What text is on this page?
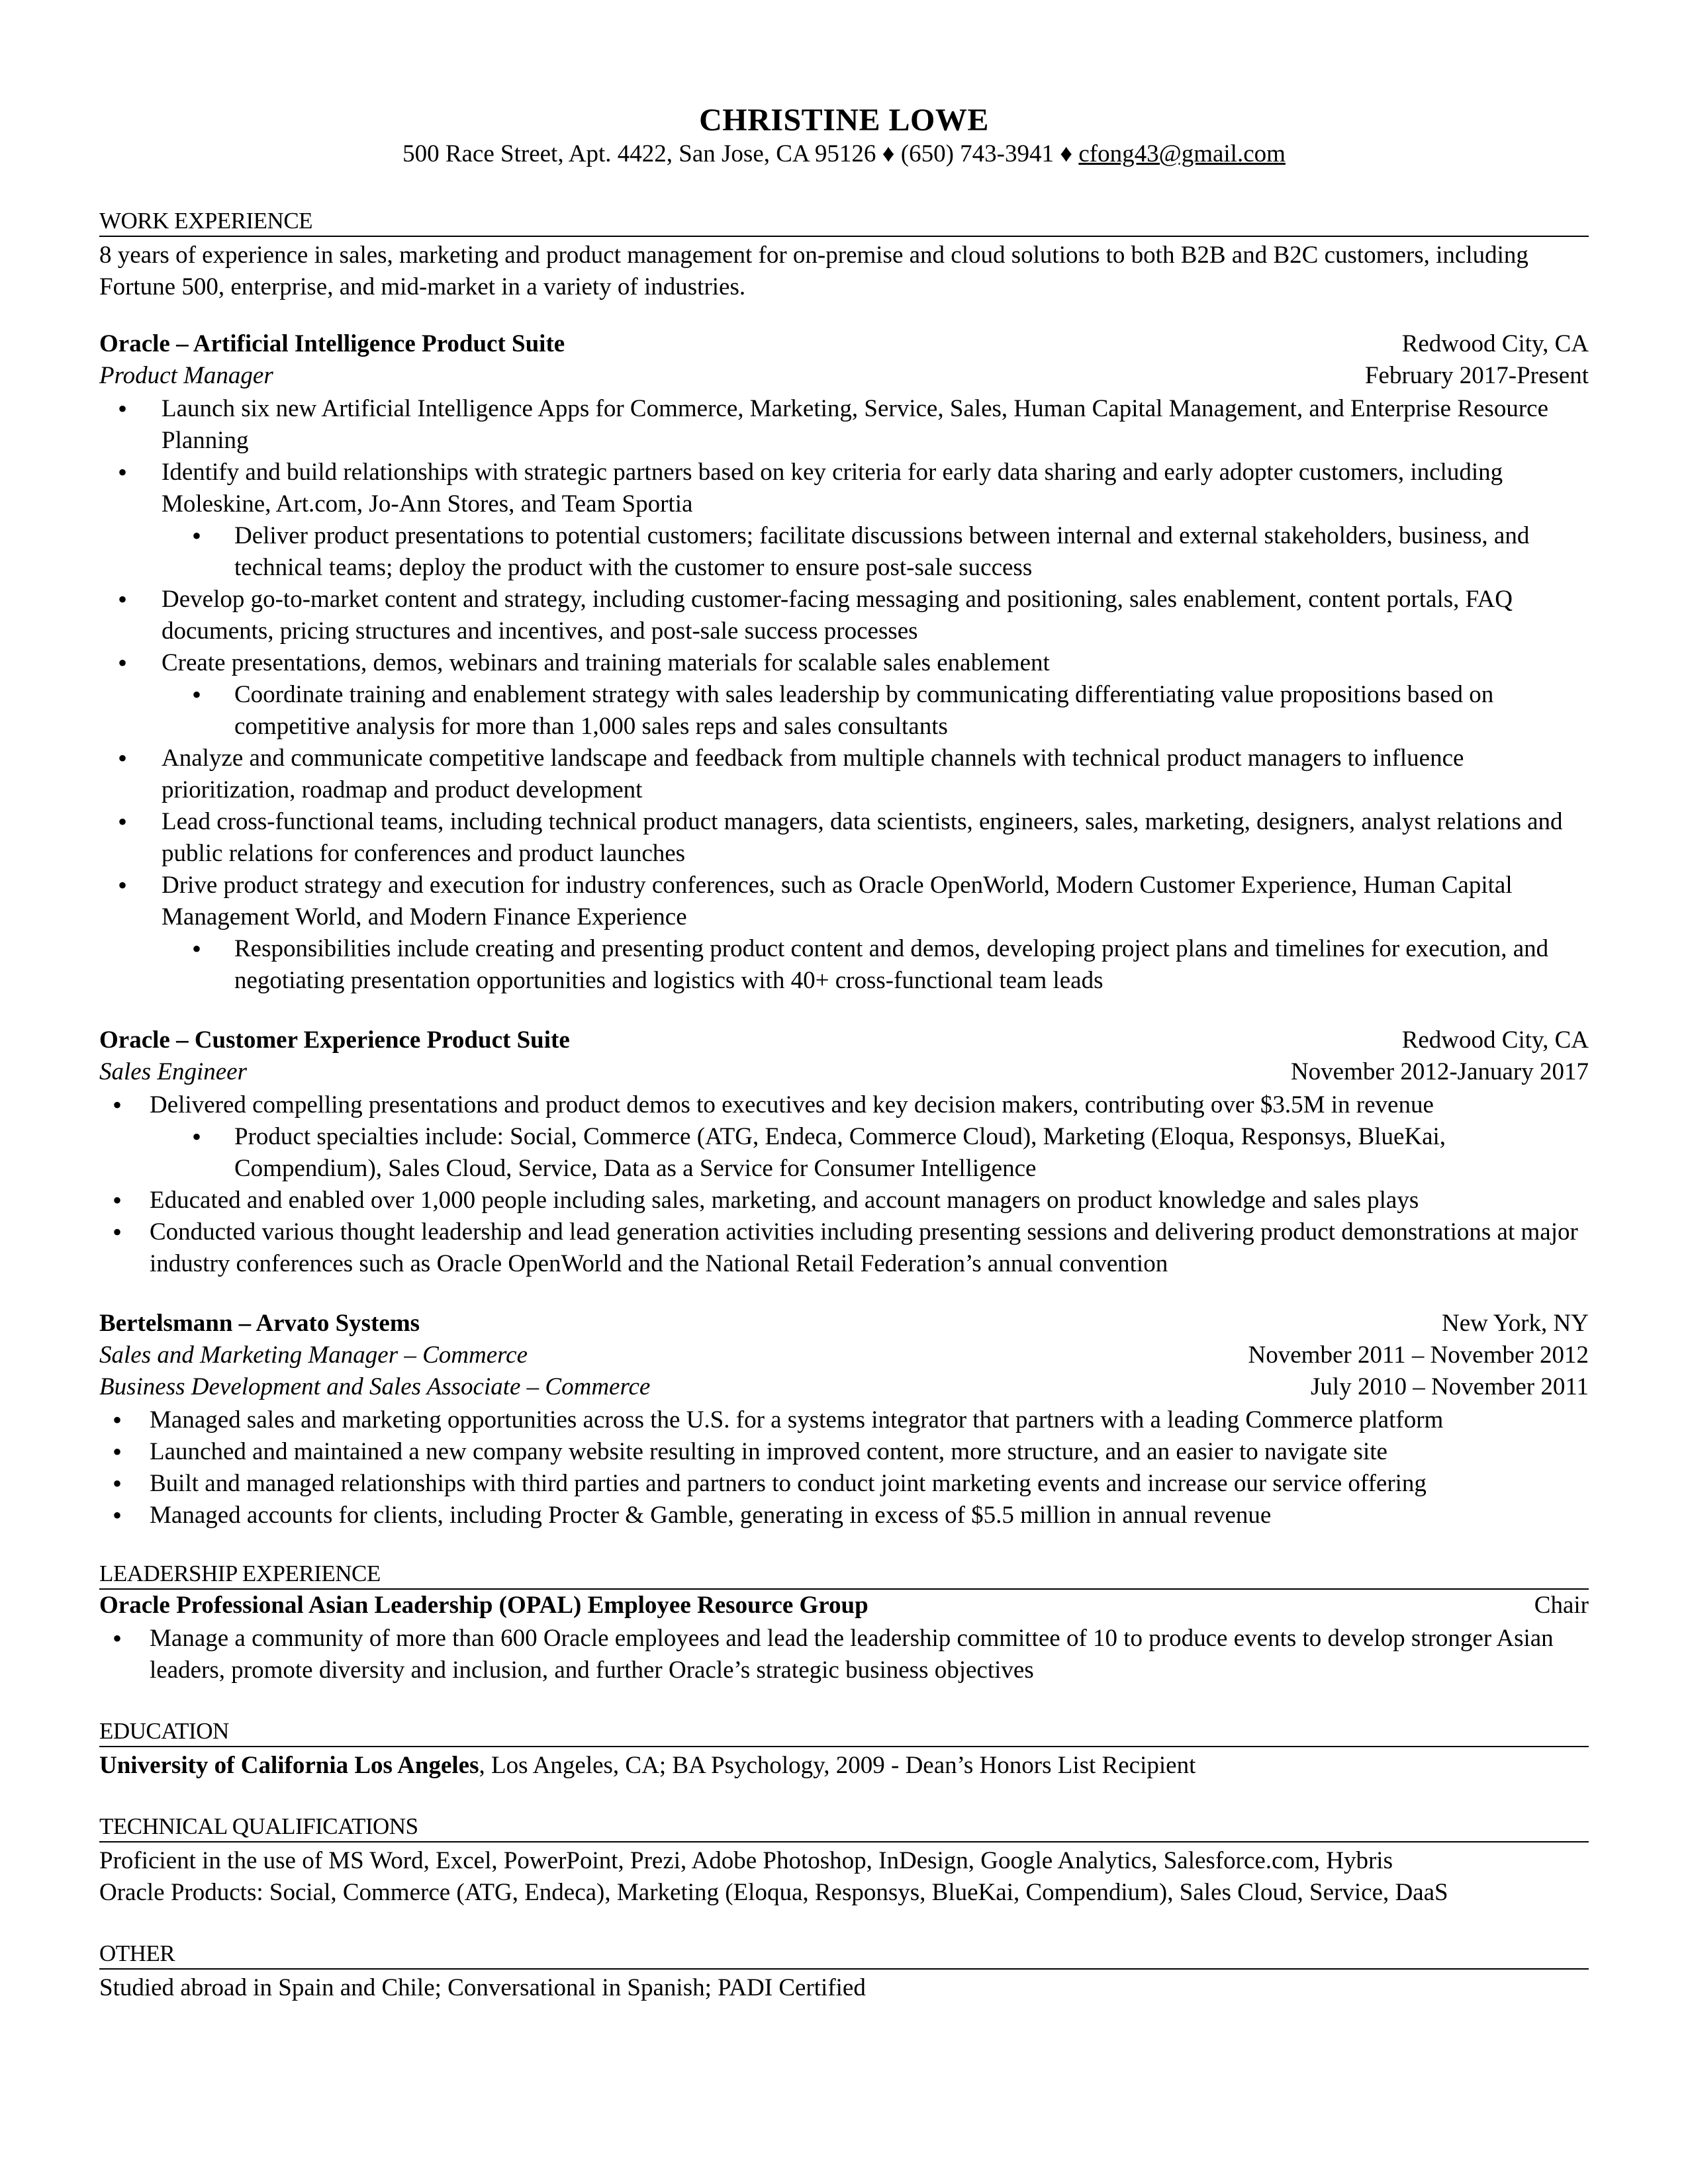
CHRISTINE LOWE
500 Race Street, Apt. 4422, San Jose, CA 95126 ♦ (650) 743-3941 ♦ cfong43@gmail.com
WORK EXPERIENCE
8 years of experience in sales, marketing and product management for on-premise and cloud solutions to both B2B and B2C customers, including Fortune 500, enterprise, and mid-market in a variety of industries.
Oracle – Artificial Intelligence Product Suite	Redwood City, CA
Product Manager	February 2017-Present
• Launch six new Artificial Intelligence Apps for Commerce, Marketing, Service, Sales, Human Capital Management, and Enterprise Resource Planning
• Identify and build relationships with strategic partners based on key criteria for early data sharing and early adopter customers, including Moleskine, Art.com, Jo-Ann Stores, and Team Sportia
• Deliver product presentations to potential customers; facilitate discussions between internal and external stakeholders, business, and technical teams; deploy the product with the customer to ensure post-sale success
• Develop go-to-market content and strategy, including customer-facing messaging and positioning, sales enablement, content portals, FAQ documents, pricing structures and incentives, and post-sale success processes
• Create presentations, demos, webinars and training materials for scalable sales enablement
• Coordinate training and enablement strategy with sales leadership by communicating differentiating value propositions based on competitive analysis for more than 1,000 sales reps and sales consultants
• Analyze and communicate competitive landscape and feedback from multiple channels with technical product managers to influence prioritization, roadmap and product development
• Lead cross-functional teams, including technical product managers, data scientists, engineers, sales, marketing, designers, analyst relations and public relations for conferences and product launches
• Drive product strategy and execution for industry conferences, such as Oracle OpenWorld, Modern Customer Experience, Human Capital Management World, and Modern Finance Experience
• Responsibilities include creating and presenting product content and demos, developing project plans and timelines for execution, and negotiating presentation opportunities and logistics with 40+ cross-functional team leads
Oracle – Customer Experience Product Suite	Redwood City, CA
Sales Engineer	November 2012-January 2017
• Delivered compelling presentations and product demos to executives and key decision makers, contributing over $3.5M in revenue
• Product specialties include: Social, Commerce (ATG, Endeca, Commerce Cloud), Marketing (Eloqua, Responsys, BlueKai, Compendium), Sales Cloud, Service, Data as a Service for Consumer Intelligence
• Educated and enabled over 1,000 people including sales, marketing, and account managers on product knowledge and sales plays
• Conducted various thought leadership and lead generation activities including presenting sessions and delivering product demonstrations at major industry conferences such as Oracle OpenWorld and the National Retail Federation’s annual convention
Bertelsmann – Arvato Systems	New York, NY
Sales and Marketing Manager – Commerce	November 2011 – November 2012
Business Development and Sales Associate – Commerce	July 2010 – November 2011
• Managed sales and marketing opportunities across the U.S. for a systems integrator that partners with a leading Commerce platform
• Launched and maintained a new company website resulting in improved content, more structure, and an easier to navigate site
• Built and managed relationships with third parties and partners to conduct joint marketing events and increase our service offering
• Managed accounts for clients, including Procter & Gamble, generating in excess of $5.5 million in annual revenue
LEADERSHIP EXPERIENCE
Oracle Professional Asian Leadership (OPAL) Employee Resource Group	Chair
• Manage a community of more than 600 Oracle employees and lead the leadership committee of 10 to produce events to develop stronger Asian leaders, promote diversity and inclusion, and further Oracle’s strategic business objectives
EDUCATION
University of California Los Angeles, Los Angeles, CA; BA Psychology, 2009 - Dean’s Honors List Recipient
TECHNICAL QUALIFICATIONS
Proficient in the use of MS Word, Excel, PowerPoint, Prezi, Adobe Photoshop, InDesign, Google Analytics, Salesforce.com, Hybris
Oracle Products: Social, Commerce (ATG, Endeca), Marketing (Eloqua, Responsys, BlueKai, Compendium), Sales Cloud, Service, DaaS
OTHER
Studied abroad in Spain and Chile; Conversational in Spanish; PADI Certified
